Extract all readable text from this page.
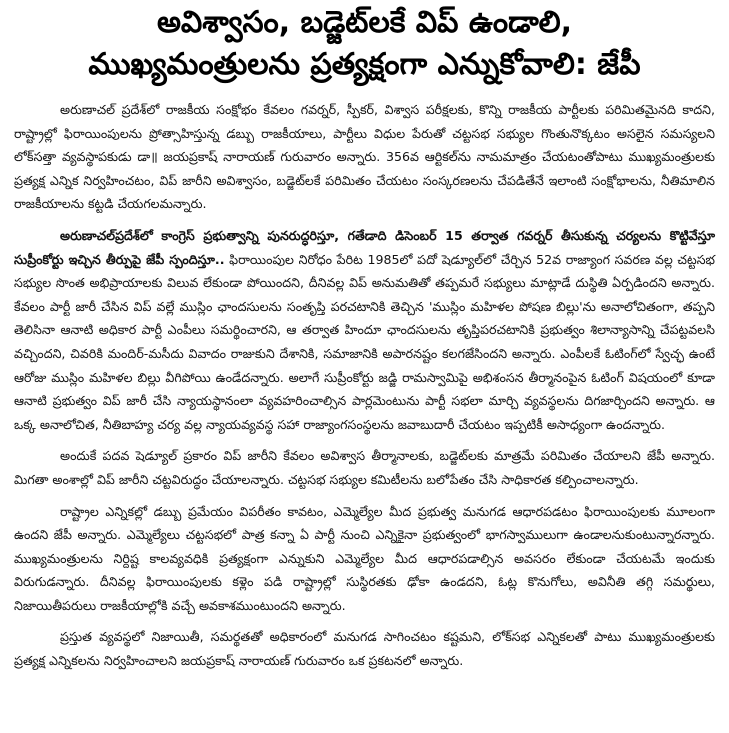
అవిశ్వాసం, బడ్జెట్‌లకే విప్ ఉండాలి,
ముఖ్యమంత్రులను ప్రత్యక్షంగా ఎన్నుకోవాలి: జేపీ

అరుణాచల్ ప్రదేశ్‌లో రాజకీయ సంక్షోభం కేవలం గవర్నర్, స్పీకర్, విశ్వాస పరీక్షలకు, కొన్ని రాజకీయ పార్టీలకు పరిమితమైనది కాదని, రాష్ట్రాల్లో ఫిరాయింపులను ప్రోత్సాహిస్తున్న డబ్బు రాజకీయాలు, పార్టీలు విధుల పేరుతో చట్టసభ సభ్యుల గొంతునొక్కటం అసలైన సమస్యలని లోక్‌సత్తా వ్యవస్థాపకుడు డా॥ జయప్రకాష్ నారాయణ్ గురువారం అన్నారు. 356వ ఆర్టికల్‌ను నామమాత్రం చేయటంతోపాటు ముఖ్యమంత్రులకు ప్రత్యక్ష ఎన్నిక నిర్వహించటం, విప్ జారీని అవిశ్వాసం, బడ్జెట్‌లకే పరిమితం చేయటం సంస్కరణలను చేపడితేనే ఇలాంటి సంక్షోభాలను, నీతిమాలిన రాజకీయాలను కట్టడి చేయగలమన్నారు.

అరుణాచల్‌ప్రదేశ్‌లో కాంగ్రెస్ ప్రభుత్వాన్ని పునరుద్ధరిస్తూ, గతేడాది డిసెంబర్ 15 తర్వాత గవర్నర్ తీసుకున్న చర్యలను కొట్టివేస్తూ సుప్రీంకోర్టు ఇచ్చిన తీర్పుపై జేపీ స్పందిస్తూ.. ఫిరాయింపుల నిరోధం పేరిట 1985లో పదో షెడ్యూల్‌లో చేర్చిన 52వ రాజ్యాంగ సవరణ వల్ల చట్టసభ సభ్యుల సొంత అభిప్రాయాలకు విలువ లేకుండా పోయిందని, దీనివల్ల విప్ అనుమతితో తప్పమరే సభ్యులు మాట్లాడే దుస్థితి ఏర్పడిందని అన్నారు. కేవలం పార్టీ జారీ చేసిన విప్ వల్లే ముస్లిం ఛాందసులను సంతృప్తి పరచటానికి తెచ్చిన 'ముస్లిం మహిళల పోషణ బిల్లు'ను అనాలోచితంగా, తప్పని తెలిసినా ఆనాటి అధికార పార్టీ ఎంపీలు సమర్థించారని, ఆ తర్వాత హిందూ ఛాందసులను తృప్తిపరచటానికి ప్రభుత్వం శిలాన్యాసాన్ని చేపట్టవలసి వచ్చిందని, చివరికి మందిర్-మసీదు వివాదం రాజుకుని దేశానికి, సమాజానికి అపారనష్టం కలగజేసిందని అన్నారు. ఎంపీలకే ఓటింగ్‌లో స్వేచ్ఛ ఉంటే ఆరోజు ముస్లిం మహిళల బిల్లు వీగిపోయి ఉండేదన్నారు. అలాగే సుప్రీంకోర్టు జడ్జి రామస్వామిపై అభిశంసన తీర్మానంపైన ఓటింగ్ విషయంలో కూడా ఆనాటి ప్రభుత్వం విప్ జారీ చేసి న్యాయస్థానంలా వ్యవహరించాల్సిన పార్లమెంటును పార్టీ సభలా మార్చి వ్యవస్థలను దిగజార్చిందని అన్నారు. ఆ ఒక్క అనాలోచిత, నీతిబాహ్య చర్య వల్ల న్యాయవ్యవస్థ సహా రాజ్యాంగసంస్థలను జవాబుదారీ చేయటం ఇప్పటికీ అసాధ్యంగా ఉందన్నారు.

అందుకే పదవ షెడ్యూల్ ప్రకారం విప్ జారీని కేవలం అవిశ్వాస తీర్మానాలకు, బడ్జెట్‌లకు మాత్రమే పరిమితం చేయాలని జేపీ అన్నారు. మిగతా అంశాల్లో విప్ జారీని చట్టవిరుద్ధం చేయాలన్నారు. చట్టసభ సభ్యుల కమిటీలను బలోపేతం చేసి సాధికారత కల్పించాలన్నారు.

రాష్ట్రాల ఎన్నికల్లో డబ్బు ప్రమేయం విపరీతం కావటం, ఎమ్మెల్యేల మీద ప్రభుత్వ మనుగడ ఆధారపడటం ఫిరాయింపులకు మూలంగా ఉందని జేపీ అన్నారు. ఎమ్మెల్యేలు చట్టసభలో పాత్ర కన్నా ఏ పార్టీ నుంచి ఎన్నికైనా ప్రభుత్వంలో భాగస్వాములుగా ఉండాలనుకుంటున్నారన్నారు. ముఖ్యమంత్రులను నిర్దిష్ట కాలవ్యవధికి ప్రత్యక్షంగా ఎన్నుకుని ఎమ్మెల్యేల మీద ఆధారపడాల్సిన అవసరం లేకుండా చేయటమే ఇందుకు విరుగుడన్నారు. దీనివల్ల ఫిరాయింపులకు కళ్లెం పడి రాష్ట్రాల్లో సుస్థిరతకు ఢోకా ఉండదని, ఓట్ల కొనుగోలు, అవినీతి తగ్గి సమర్థులు, నిజాయితీపరులు రాజకీయాల్లోకి వచ్చే అవకాశముంటుందని అన్నారు.

ప్రస్తుత వ్యవస్థలో నిజాయితీ, సమర్థతతో అధికారంలో మనుగడ సాగించటం కష్టమని, లోక్‌సభ ఎన్నికలతో పాటు ముఖ్యమంత్రులకు ప్రత్యక్ష ఎన్నికలను నిర్వహించాలని జయప్రకాష్ నారాయణ్ గురువారం ఒక ప్రకటనలో అన్నారు.
